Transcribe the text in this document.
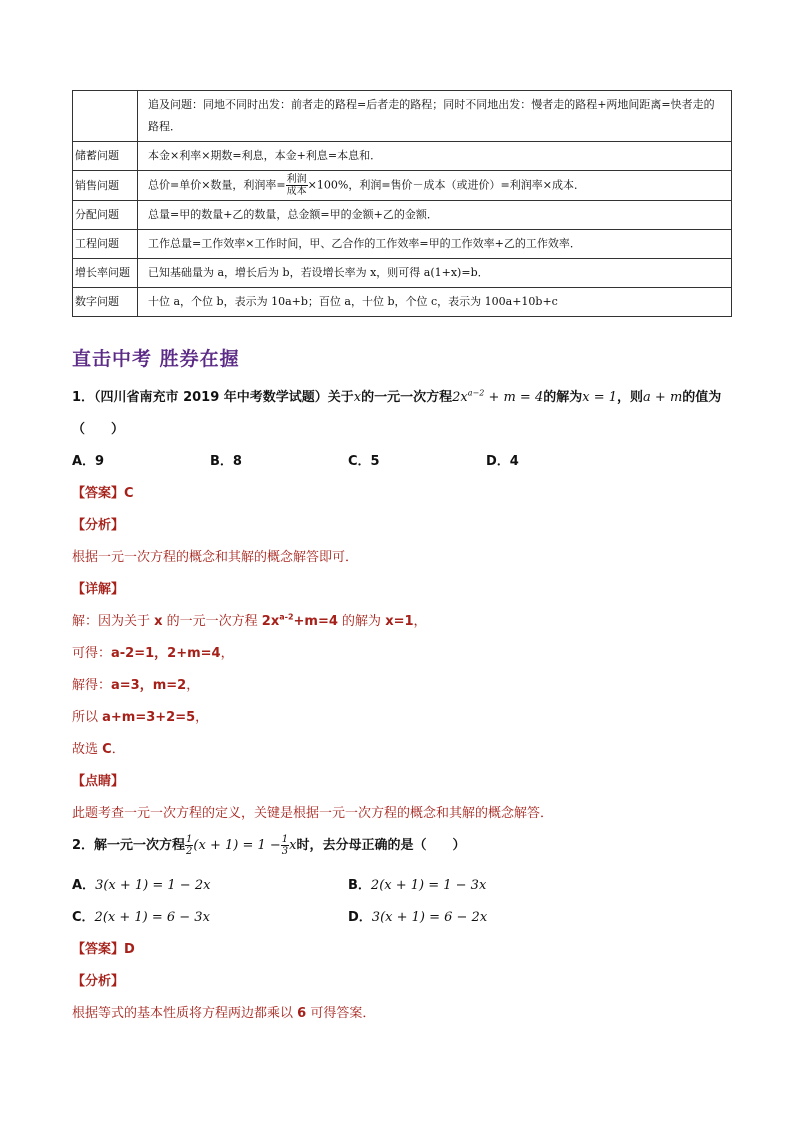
	追及问题：同地不同时出发：前者走的路程=后者走的路程；同时不同地出发：慢者走的路程+两地间距离=快者走的路程．
储蓄问题	本金×利率×期数=利息，本金+利息=本息和．
销售问题	总价=单价×数量，利润率= $\frac{\text{利润}}{\text{成本}} \times 100\%$，利润=售价－成本（或进价）=利润率×成本．
分配问题	总量=甲的数量+乙的数量，总金额=甲的金额+乙的金额．
工程问题	工作总量=工作效率×工作时间，甲、乙合作的工作效率=甲的工作效率+乙的工作效率．
增长率问题	已知基础量为 a，增长后为 b，若设增长率为 x，则可得 a(1+x)=b．
数字问题	十位 a，个位 b，表示为 10a+b；百位 a，十位 b，个位 c，表示为 100a+10b+c
直击中考 胜券在握
1．（四川省南充市 2019 年中考数学试题）关于x的一元一次方程$2x^{a-2} + m = 4$的解为x = 1，则a + m的值为
（　　）
A．9	B．8	C．5	D．4
【答案】C
【分析】
根据一元一次方程的概念和其解的概念解答即可．
【详解】
解：因为关于 x 的一元一次方程 $2x^{a-2}+m=4$ 的解为 x=1，
可得：a-2=1，2+m=4，
解得：a=3，m=2，
所以 a+m=3+2=5，
故选 C．
【点睛】
此题考查一元一次方程的定义，关键是根据一元一次方程的概念和其解的概念解答．
2．解一元一次方程 $\frac{1}{2} (x + 1) = 1 - \frac{1}{3}$ x时，去分母正确的是（　　）
A．3(x + 1) = 1 − 2x	B．2(x + 1) = 1 − 3x
C．2(x + 1) = 6 − 3x	D．3(x + 1) = 6 − 2x
【答案】D
【分析】
根据等式的基本性质将方程两边都乘以 6 可得答案．
